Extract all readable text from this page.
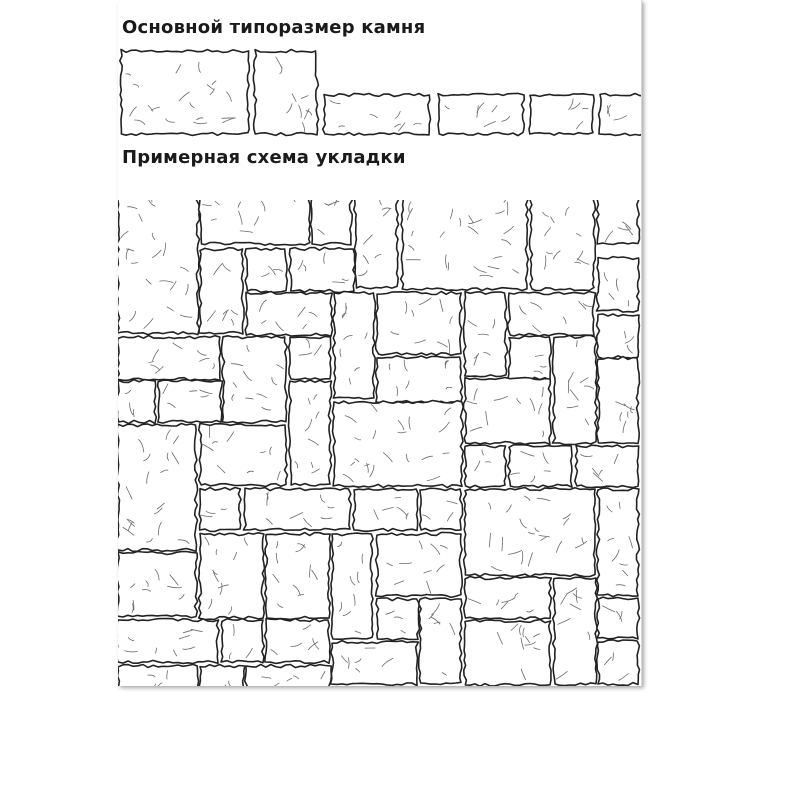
Основной типоразмер камня
Примерная схема укладки
